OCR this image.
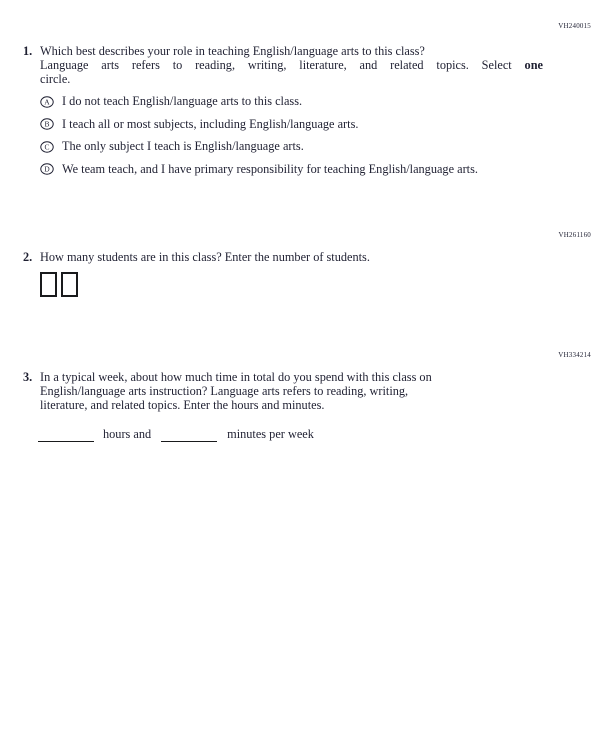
VH240015
1. Which best describes your role in teaching English/language arts to this class?
Language arts refers to reading, writing, literature, and related topics. Select one
circle.
A I do not teach English/language arts to this class.
B I teach all or most subjects, including English/language arts.
C The only subject I teach is English/language arts.
D We team teach, and I have primary responsibility for teaching English/language arts.
VH261160
2. How many students are in this class? Enter the number of students.
VH334214
3. In a typical week, about how much time in total do you spend with this class on
English/language arts instruction? Language arts refers to reading, writing,
literature, and related topics. Enter the hours and minutes.
hours and	minutes per week
